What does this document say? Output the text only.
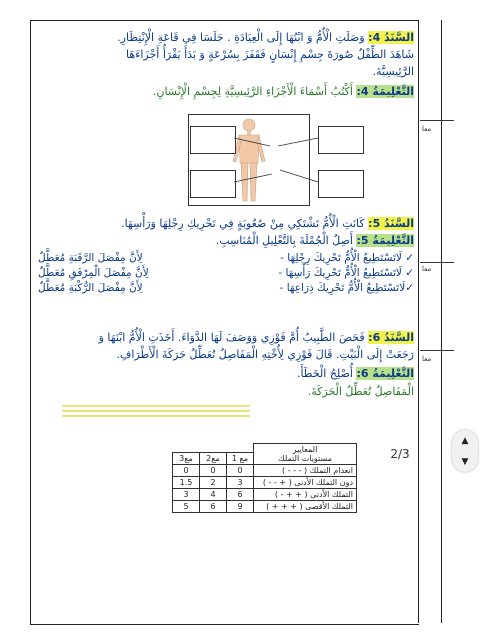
معا
معا
معا
السَّنَدُ 4: وَصَلَتِ الْأُمُّ وَ ابْنُهَا إِلَى الْعِيَادَةِ . جَلَسَا فِي قَاعَةِ الْإِنْتِظَارِ.
شَاهَدَ الطِّفْلُ صُورَةَ جِسْمِ إِنْسَانٍ فَقَفَزَ بِسُرْعَةٍ وَ بَدَأَ يَقْرَأُ أَجْزَاءَهَا
الرَّئِيسِيَّةَ.
التَّعْلِيمَةُ 4: أَكْتُبُ أَسْمَاءَ الْأَجْزَاءِ الرَّئِيسِيَّةِ لِجِسْمِ الْإِنْسَانِ.
السَّنَدُ 5: كَانَتِ الْأُمُّ تَشْتَكِي مِنْ صُعُوبَةٍ فِي تَحْرِيكِ رِجْلِهَا وَرَأْسِهَا.
التَّعْلِيمَةُ 5: أَصِلُ الْجُمْلَةَ بِالتَّعْلِيلِ الْمُنَاسِبِ.
✓ لَاتَسْتَطِيعُ الْأُمُّ تَحْرِيكَ رِجْلِهَا -
لِأَنَّ مِفْصَلَ الرَّقَبَةِ مُعَطَّلٌ
✓ لَاتَسْتَطِيعُ الْأُمُّ تَحْرِيكَ رَأْسِهَا -
لِأَنَّ مِفْصَلَ الْمِرْفَقِ مُعَطَّلٌ
✓لَاتَسْتَطِيعُ الْأُمُّ تَحْرِيكَ ذِرَاعِهَا -
لِأَنَّ مِفْصَلَ الرُّكْبَةِ مُعَطَّلٌ
السَّنَدُ 6: فَحَصَ الطَّبِيبُ أُمَّ فَوْزِي وَوَصَفَ لَهَا الدَّوَاءَ. أَخَذَتِ الْأُمُّ ابْنَهَا وَ
رَجَعَتْ إِلَى الْبَيْتِ. قَالَ فَوْزِي لِأُخْتِهِ الْمَفَاصِلُ تُعَطِّلُ حَرَكَةَ الْأَطْرَافِ.
التَّعْلِيمَةُ 6: أُصْلِحُ الْخَطَأَ.
الْمَفَاصِلُ تُعَطِّلُ الْحَرَكَةَ.
المعايير
مستويات التملك			

	مع 1	مع2	مع3
انعدام التملك ( - - - )	0	0	0
دون التملك الأدنى ( + - - )	3	2	1.5
التملك الأدنى ( + + - )	6	4	3
التملك الأقصى ( + + + )	9	6	5
2/3
▲
▼
